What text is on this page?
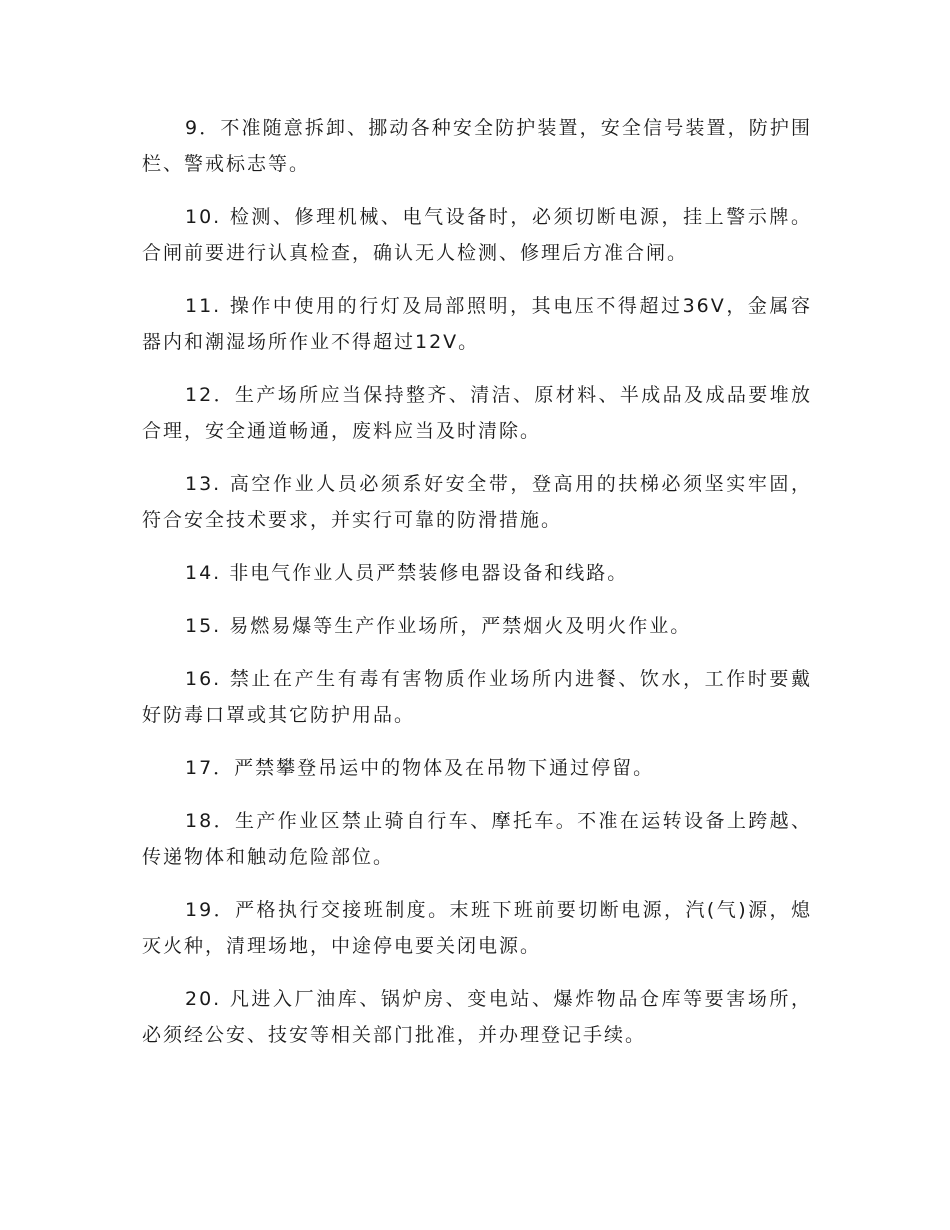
9．不准随意拆卸、挪动各种安全防护装置，安全信号装置，防护围栏、警戒标志等。

10. 检测、修理机械、电气设备时，必须切断电源，挂上警示牌。合闸前要进行认真检查，确认无人检测、修理后方准合闸。

11. 操作中使用的行灯及局部照明，其电压不得超过36V，金属容器内和潮湿场所作业不得超过12V。

12．生产场所应当保持整齐、清洁、原材料、半成品及成品要堆放合理，安全通道畅通，废料应当及时清除。

13. 高空作业人员必须系好安全带，登高用的扶梯必须坚实牢固，符合安全技术要求，并实行可靠的防滑措施。

14. 非电气作业人员严禁装修电器设备和线路。

15. 易燃易爆等生产作业场所，严禁烟火及明火作业。

16. 禁止在产生有毒有害物质作业场所内进餐、饮水，工作时要戴好防毒口罩或其它防护用品。

17．严禁攀登吊运中的物体及在吊物下通过停留。

18．生产作业区禁止骑自行车、摩托车。不准在运转设备上跨越、传递物体和触动危险部位。

19．严格执行交接班制度。末班下班前要切断电源，汽(气)源，熄灭火种，清理场地，中途停电要关闭电源。

20. 凡进入厂油库、锅炉房、变电站、爆炸物品仓库等要害场所，必须经公安、技安等相关部门批准，并办理登记手续。
